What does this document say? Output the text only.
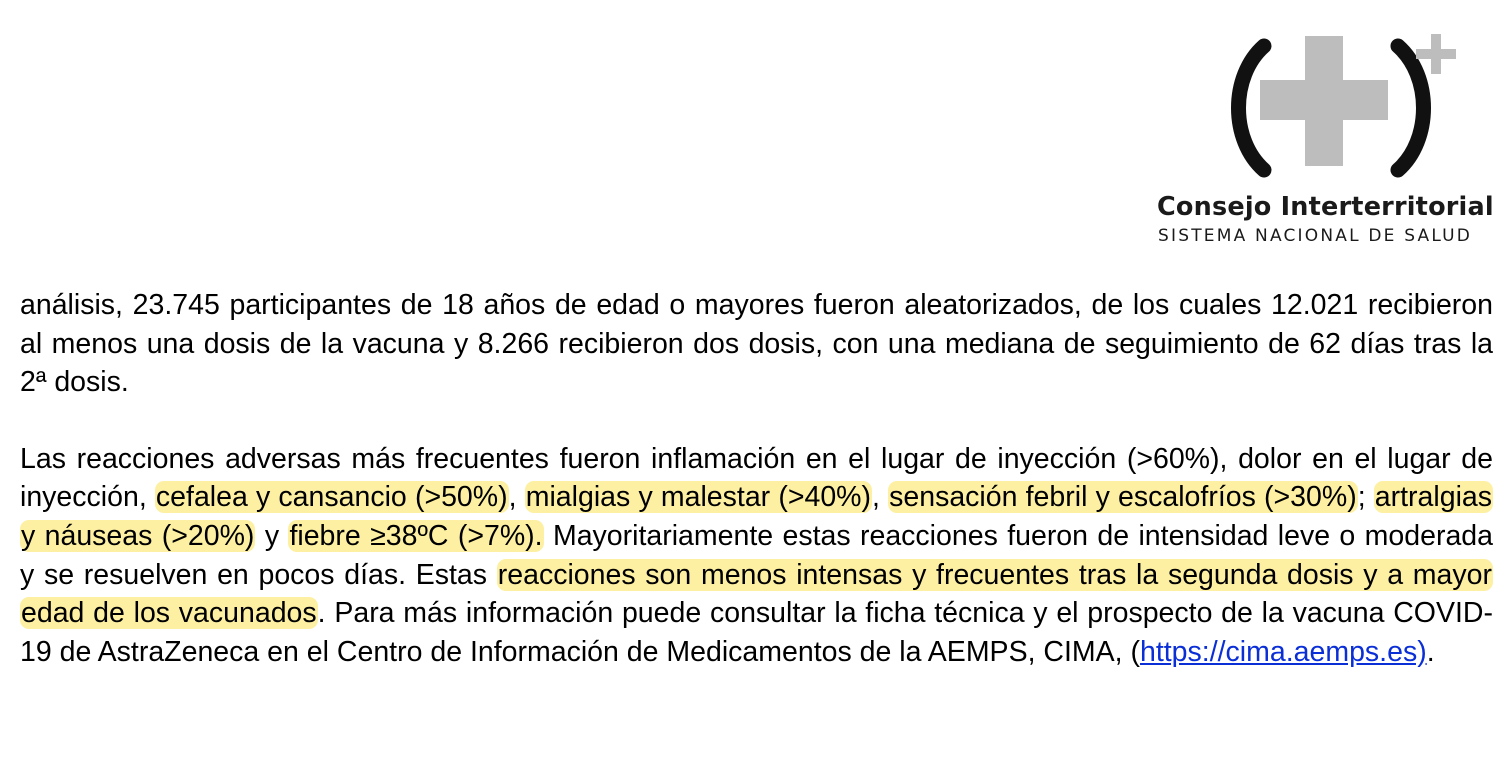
Consejo Interterritorial
SISTEMA NACIONAL DE SALUD

análisis, 23.745 participantes de 18 años de edad o mayores fueron aleatorizados, de los cuales 12.021 recibieron al menos una dosis de la vacuna y 8.266 recibieron dos dosis, con una mediana de seguimiento de 62 días tras la 2ª dosis.

Las reacciones adversas más frecuentes fueron inflamación en el lugar de inyección (>60%), dolor en el lugar de inyección, cefalea y cansancio (>50%), mialgias y malestar (>40%), sensación febril y escalofríos (>30%); artralgias y náuseas (>20%) y fiebre ≥38ºC (>7%). Mayoritariamente estas reacciones fueron de intensidad leve o moderada y se resuelven en pocos días. Estas reacciones son menos intensas y frecuentes tras la segunda dosis y a mayor edad de los vacunados. Para más información puede consultar la ficha técnica y el prospecto de la vacuna COVID-19 de AstraZeneca en el Centro de Información de Medicamentos de la AEMPS, CIMA, (https://cima.aemps.es).
